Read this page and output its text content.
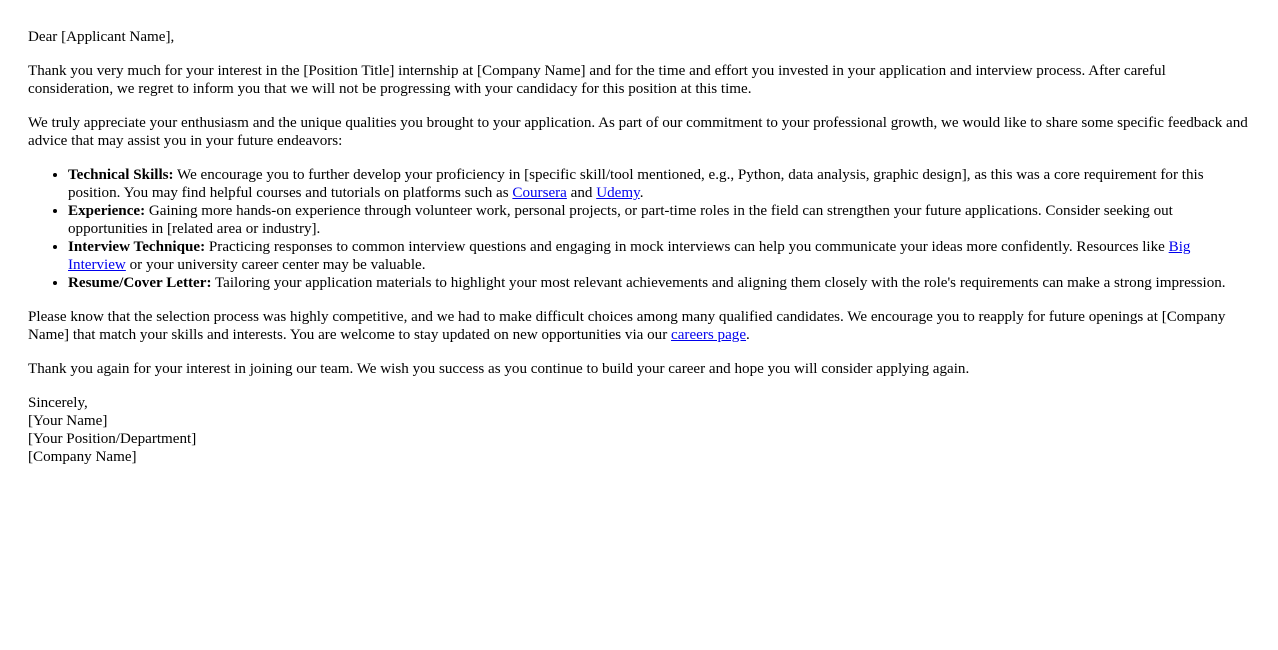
Dear [Applicant Name],

Thank you very much for your interest in the [Position Title] internship at [Company Name] and for the time and effort you invested in your application and interview process. After careful consideration, we regret to inform you that we will not be progressing with your candidacy for this position at this time.

We truly appreciate your enthusiasm and the unique qualities you brought to your application. As part of our commitment to your professional growth, we would like to share some specific feedback and advice that may assist you in your future endeavors:

• Technical Skills: We encourage you to further develop your proficiency in [specific skill/tool mentioned, e.g., Python, data analysis, graphic design], as this was a core requirement for this position. You may find helpful courses and tutorials on platforms such as Coursera and Udemy.
• Experience: Gaining more hands-on experience through volunteer work, personal projects, or part-time roles in the field can strengthen your future applications. Consider seeking out opportunities in [related area or industry].
• Interview Technique: Practicing responses to common interview questions and engaging in mock interviews can help you communicate your ideas more confidently. Resources like Big Interview or your university career center may be valuable.
• Resume/Cover Letter: Tailoring your application materials to highlight your most relevant achievements and aligning them closely with the role's requirements can make a strong impression.

Please know that the selection process was highly competitive, and we had to make difficult choices among many qualified candidates. We encourage you to reapply for future openings at [Company Name] that match your skills and interests. You are welcome to stay updated on new opportunities via our careers page.

Thank you again for your interest in joining our team. We wish you success as you continue to build your career and hope you will consider applying again.

Sincerely,
[Your Name]
[Your Position/Department]
[Company Name]
